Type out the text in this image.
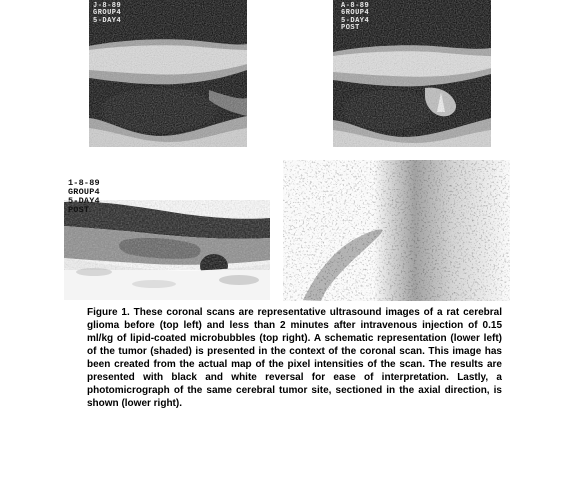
J-8-89
GROUP4
5-DAY4
A-8-89
6ROUP4
5-DAY4
POST
1-8-89
GROUP4
5-DAY4
POST

Figure 1. These coronal scans are representative ultrasound images of a rat cerebral glioma before (top left) and less than 2 minutes after intravenous injection of 0.15 ml/kg of lipid-coated microbubbles (top right). A schematic representation (lower left) of the tumor (shaded) is presented in the context of the coronal scan. This image has been created from the actual map of the pixel intensities of the scan. The results are presented with black and white reversal for ease of interpretation. Lastly, a photomicrograph of the same cerebral tumor site, sectioned in the axial direction, is shown (lower right).
